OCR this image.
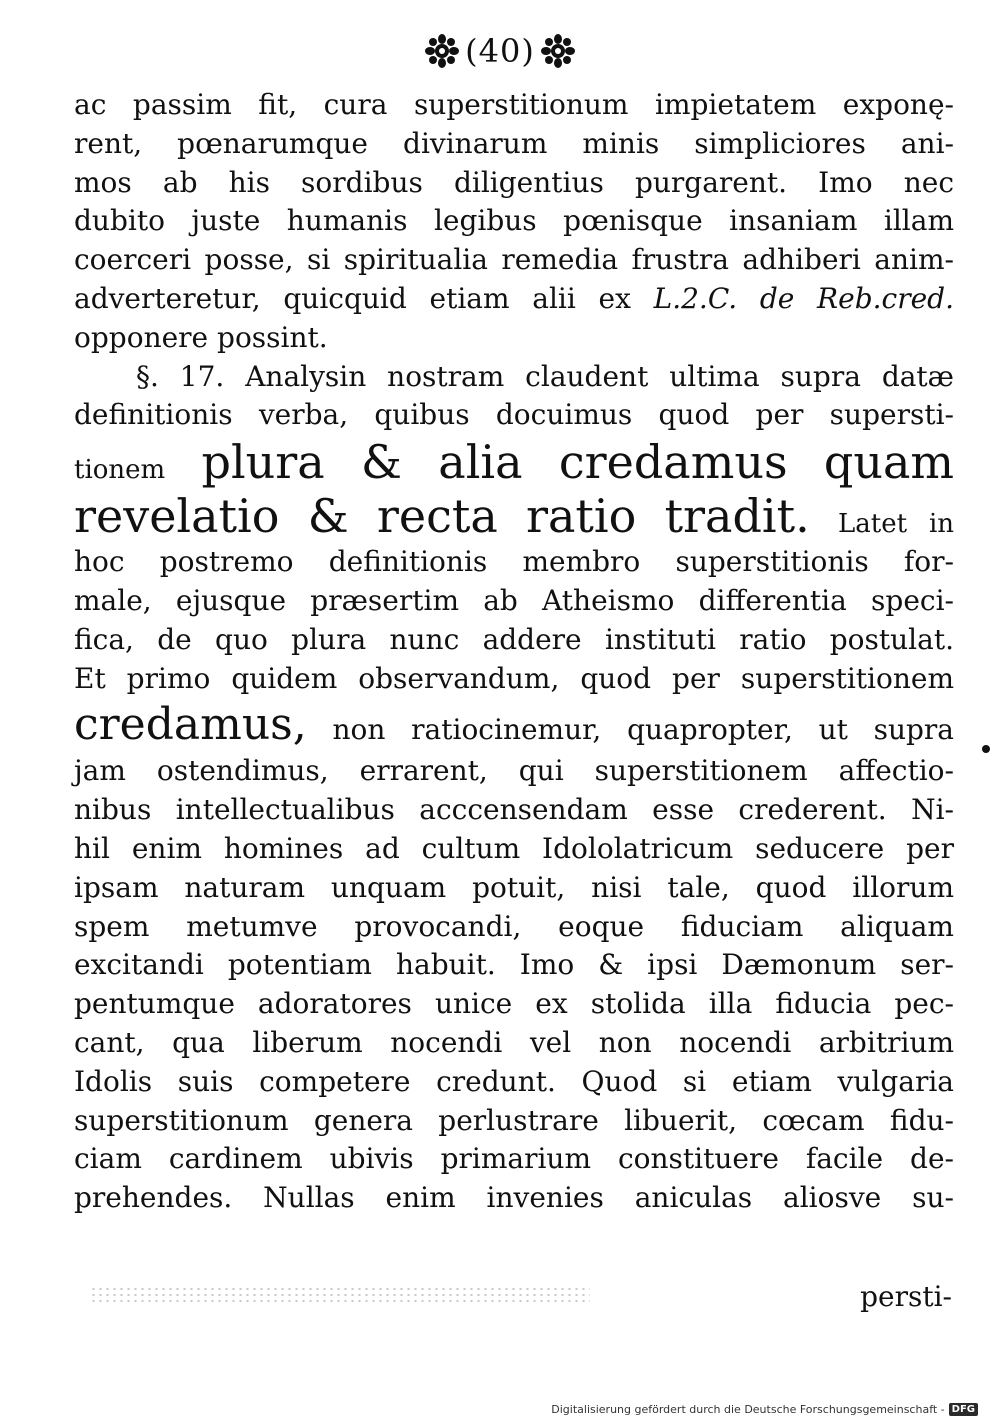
(40)
ac passim fit, cura superstitionum impietatem exponę-
rent, pœnarumque divinarum minis simpliciores ani-
mos ab his sordibus diligentius purgarent. Imo nec
dubito juste humanis legibus pœnisque insaniam illam
coerceri posse, si spiritualia remedia frustra adhiberi anim-
adverteretur, quicquid etiam alii ex L.2.C. de Reb.cred.
opponere possint.
§. 17. Analysin nostram claudent ultima supra datæ
definitionis verba, quibus docuimus quod per supersti-
tionem plura & alia credamus quam
revelatio & recta ratio tradit. Latet in
hoc postremo definitionis membro superstitionis for-
male, ejusque præsertim ab Atheismo differentia speci-
fica, de quo plura nunc addere instituti ratio postulat.
Et primo quidem observandum, quod per superstitionem
credamus, non ratiocinemur, quapropter, ut supra
jam ostendimus, errarent, qui superstitionem affectio-
nibus intellectualibus acccensendam esse crederent. Ni-
hil enim homines ad cultum Idololatricum seducere per
ipsam naturam unquam potuit, nisi tale, quod illorum
spem metumve provocandi, eoque fiduciam aliquam
excitandi potentiam habuit. Imo & ipsi Dæmonum ser-
pentumque adoratores unice ex stolida illa fiducia pec-
cant, qua liberum nocendi vel non nocendi arbitrium
Idolis suis competere credunt. Quod si etiam vulgaria
superstitionum genera perlustrare libuerit, cœcam fidu-
ciam cardinem ubivis primarium constituere facile de-
prehendes. Nullas enim invenies aniculas aliosve su-
persti-
Digitalisierung gefördert durch die Deutsche Forschungsgemeinschaft - DFG
